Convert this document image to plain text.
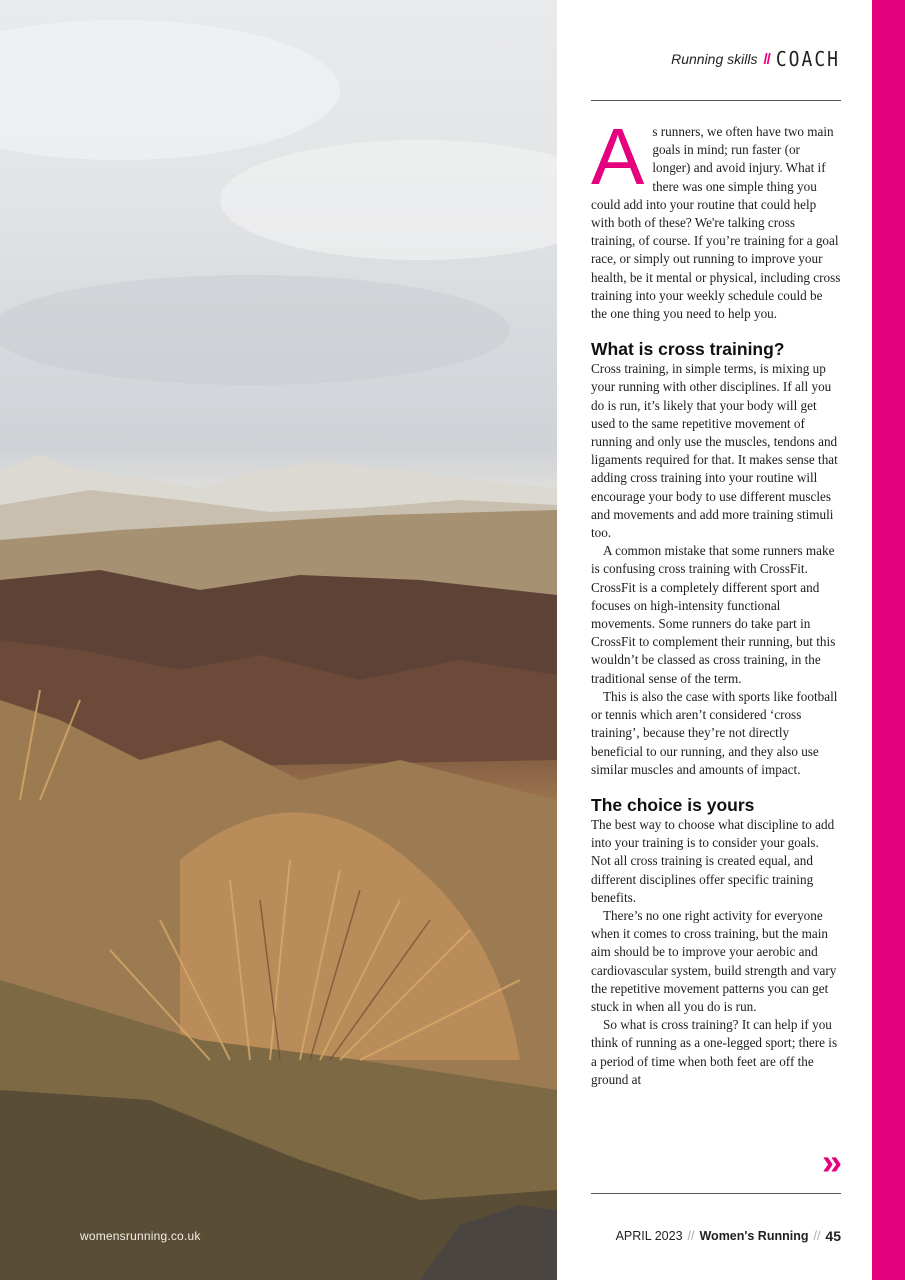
womensrunning.co.uk
Running skills // COACH

As runners, we often have two main goals in mind; run faster (or longer) and avoid injury. What if there was one simple thing you could add into your routine that could help with both of these? We're talking cross training, of course. If you’re training for a goal race, or simply out running to improve your health, be it mental or physical, including cross training into your weekly schedule could be the one thing you need to help you.

What is cross training?

Cross training, in simple terms, is mixing up your running with other disciplines. If all you do is run, it’s likely that your body will get used to the same repetitive movement of running and only use the muscles, tendons and ligaments required for that. It makes sense that adding cross training into your routine will encourage your body to use different muscles and movements and add more training stimuli too.

A common mistake that some runners make is confusing cross training with CrossFit. CrossFit is a completely different sport and focuses on high-intensity functional movements. Some runners do take part in CrossFit to complement their running, but this wouldn’t be classed as cross training, in the traditional sense of the term.

This is also the case with sports like football or tennis which aren’t considered ‘cross training’, because they’re not directly beneficial to our running, and they also use similar muscles and amounts of impact.

The choice is yours

The best way to choose what discipline to add into your training is to consider your goals. Not all cross training is created equal, and different disciplines offer specific training benefits.

There’s no one right activity for everyone when it comes to cross training, but the main aim should be to improve your aerobic and cardiovascular system, build strength and vary the repetitive movement patterns you can get stuck in when all you do is run.

So what is cross training? It can help if you think of running as a one-legged sport; there is a period of time when both feet are off the ground at

»
APRIL 2023 // Women's Running // 45
